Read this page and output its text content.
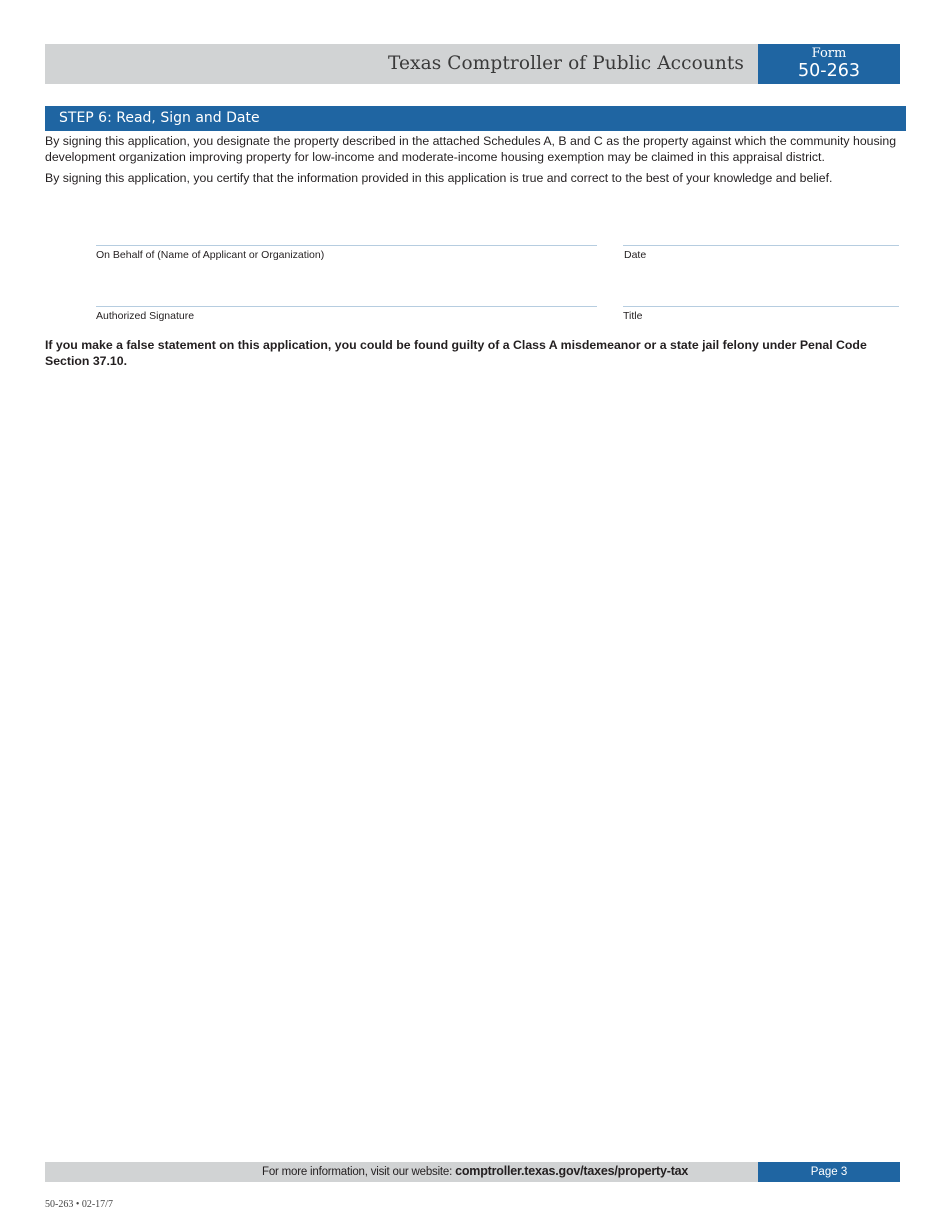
Texas Comptroller of Public Accounts	Form
50-263
STEP 6: Read, Sign and Date
By signing this application, you designate the property described in the attached Schedules A, B and C as the property against which the community housing development organization improving property for low-income and moderate-income housing exemption may be claimed in this appraisal district.
By signing this application, you certify that the information provided in this application is true and correct to the best of your knowledge and belief.
On Behalf of (Name of Applicant or Organization)	Date
Authorized Signature	Title
If you make a false statement on this application, you could be found guilty of a Class A misdemeanor or a state jail felony under Penal Code Section 37.10.
For more information, visit our website: comptroller.texas.gov/taxes/property-tax	Page 3
50-263 • 02-17/7
